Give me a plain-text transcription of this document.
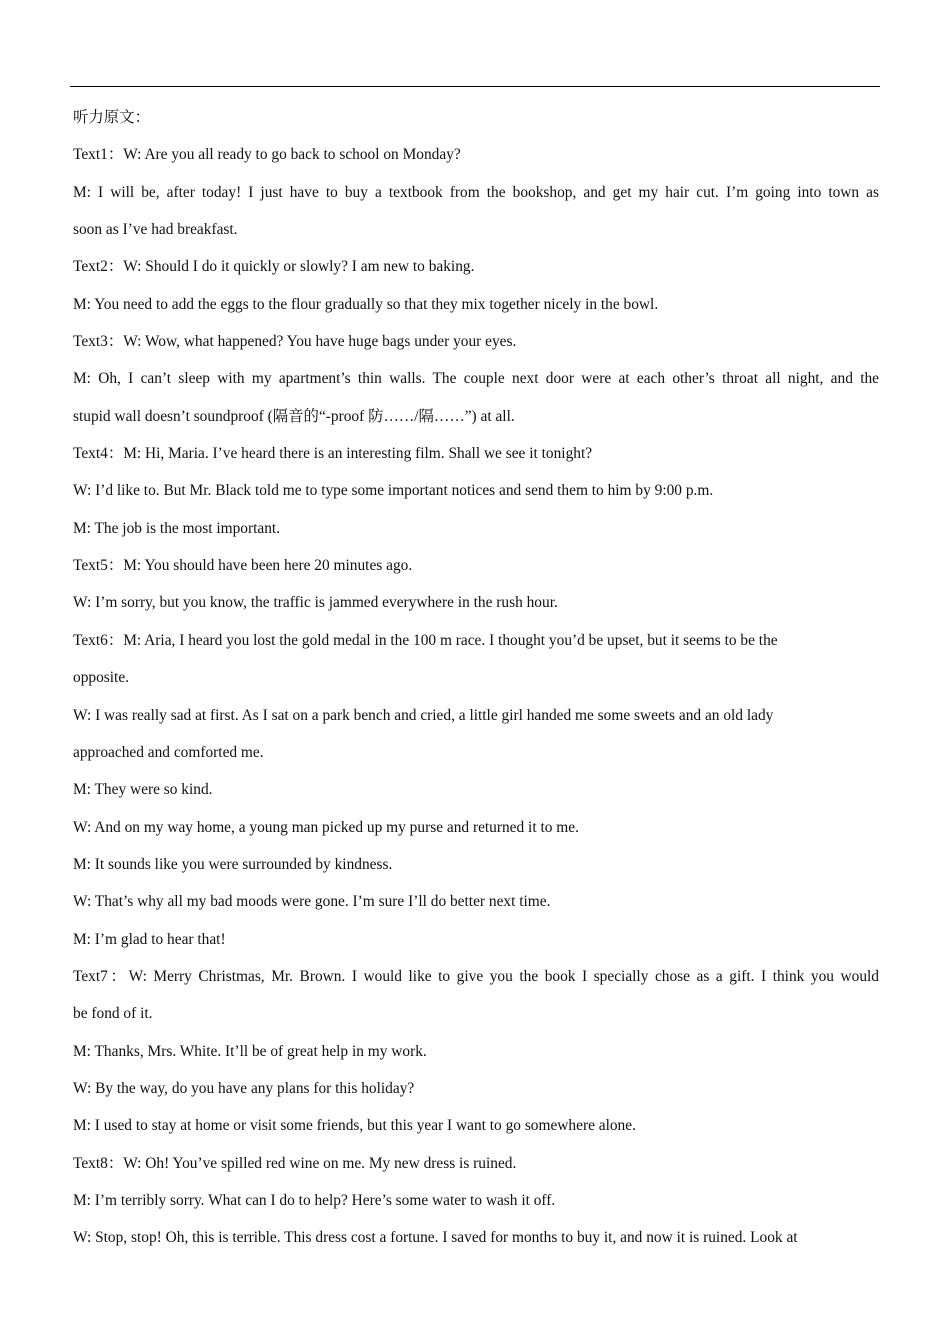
听力原文：

Text1：W: Are you all ready to go back to school on Monday?

M: I will be, after today! I just have to buy a textbook from the bookshop, and get my hair cut. I’m going into town as

soon as I’ve had breakfast.

Text2：W: Should I do it quickly or slowly? I am new to baking.

M: You need to add the eggs to the flour gradually so that they mix together nicely in the bowl.

Text3：W: Wow, what happened? You have huge bags under your eyes.

M: Oh, I can’t sleep with my apartment’s thin walls. The couple next door were at each other’s throat all night, and the

stupid wall doesn’t soundproof (隔音的“-proof 防……/隔……”) at all.

Text4：M: Hi, Maria. I’ve heard there is an interesting film. Shall we see it tonight?

W: I’d like to. But Mr. Black told me to type some important notices and send them to him by 9:00 p.m.

M: The job is the most important.

Text5：M: You should have been here 20 minutes ago.

W: I’m sorry, but you know, the traffic is jammed everywhere in the rush hour.

Text6：M: Aria, I heard you lost the gold medal in the 100 m race. I thought you’d be upset, but it seems to be the

opposite.

W: I was really sad at first. As I sat on a park bench and cried, a little girl handed me some sweets and an old lady

approached and comforted me.

M: They were so kind.

W: And on my way home, a young man picked up my purse and returned it to me.

M: It sounds like you were surrounded by kindness.

W: That’s why all my bad moods were gone. I’m sure I’ll do better next time.

M: I’m glad to hear that!

Text7：W: Merry Christmas, Mr. Brown. I would like to give you the book I specially chose as a gift. I think you would

be fond of it.

M: Thanks, Mrs. White. It’ll be of great help in my work.

W: By the way, do you have any plans for this holiday?

M: I used to stay at home or visit some friends, but this year I want to go somewhere alone.

Text8：W: Oh! You’ve spilled red wine on me. My new dress is ruined.

M: I’m terribly sorry. What can I do to help? Here’s some water to wash it off.

W: Stop, stop! Oh, this is terrible. This dress cost a fortune. I saved for months to buy it, and now it is ruined. Look at
